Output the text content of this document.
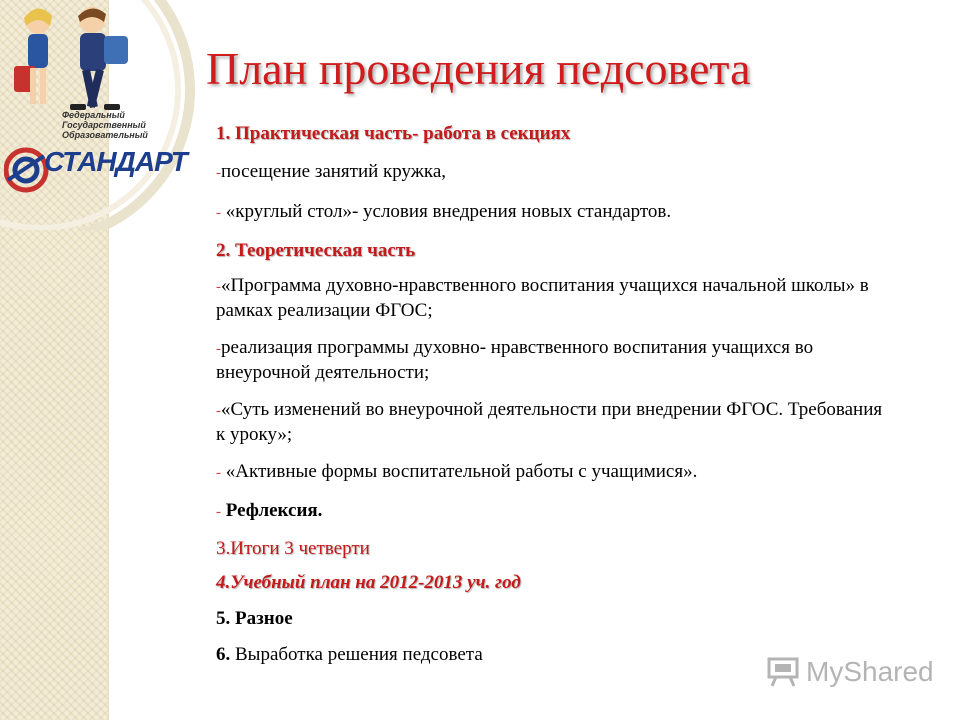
Федеральный
Государственный
Образовательный
СТАНДАРТ
План проведения педсовета
1. Практическая часть- работа в секциях
-посещение занятий кружка,
- «круглый стол»- условия внедрения новых стандартов.
2. Теоретическая часть
-«Программа духовно-нравственного воспитания учащихся начальной школы» в рамках реализации ФГОС;
-реализация программы духовно- нравственного воспитания учащихся во внеурочной деятельности;
-«Суть изменений во внеурочной деятельности при внедрении ФГОС. Требования к уроку»;
- «Активные формы воспитательной работы с учащимися».
- Рефлексия.
3.Итоги 3 четверти
4.Учебный план на 2012-2013 уч. год
5. Разное
6. Выработка решения педсовета
MyShared
